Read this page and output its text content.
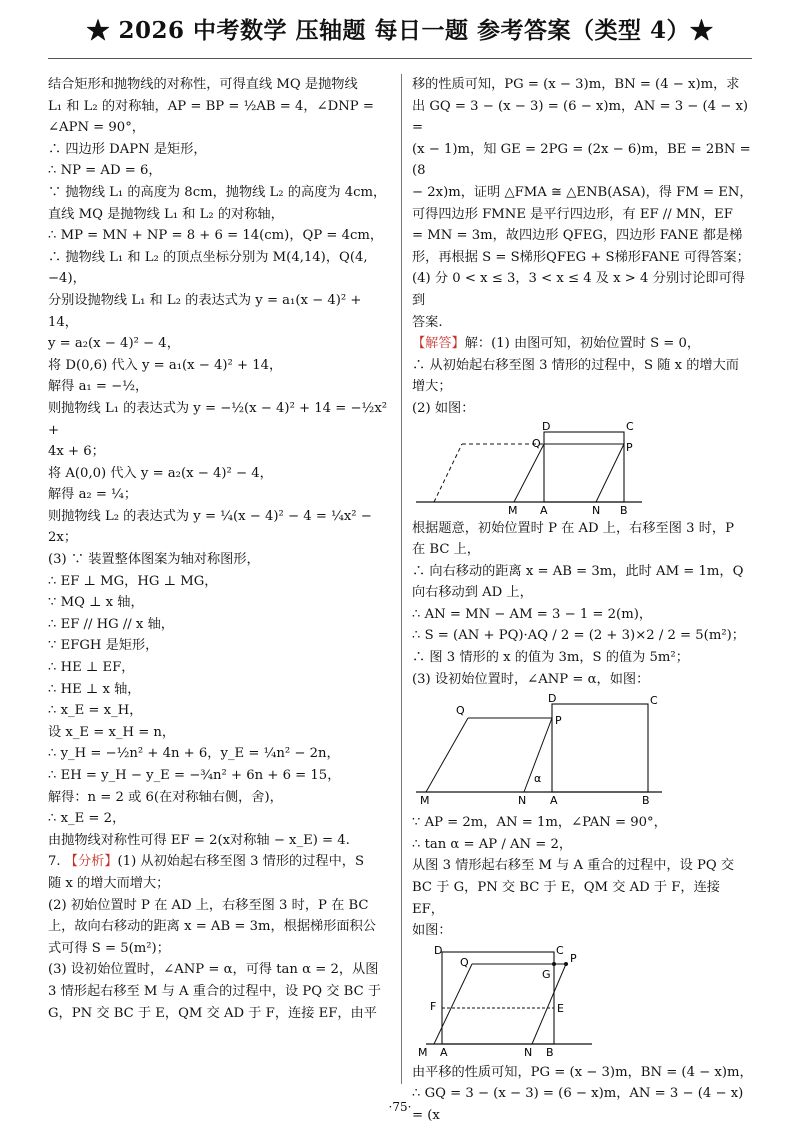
★ 2026 中考数学 压轴题 每日一题 参考答案（类型 4）★

结合矩形和抛物线的对称性，可得直线 MQ 是抛物线

L₁ 和 L₂ 的对称轴，AP = BP = ½AB = 4，∠DNP =

∠APN = 90°，

∴ 四边形 DAPN 是矩形，

∴ NP = AD = 6，

∵ 抛物线 L₁ 的高度为 8cm，抛物线 L₂ 的高度为 4cm，

直线 MQ 是抛物线 L₁ 和 L₂ 的对称轴，

∴ MP = MN + NP = 8 + 6 = 14(cm)，QP = 4cm，

∴ 抛物线 L₁ 和 L₂ 的顶点坐标分别为 M(4,14)，Q(4,

−4)，

分别设抛物线 L₁ 和 L₂ 的表达式为 y = a₁(x − 4)² + 14，

y = a₂(x − 4)² − 4，

将 D(0,6) 代入 y = a₁(x − 4)² + 14，

解得 a₁ = −½，

则抛物线 L₁ 的表达式为 y = −½(x − 4)² + 14 = −½x² +

4x + 6；

将 A(0,0) 代入 y = a₂(x − 4)² − 4，

解得 a₂ = ¼；

则抛物线 L₂ 的表达式为 y = ¼(x − 4)² − 4 = ¼x² − 2x；

(3) ∵ 装置整体图案为轴对称图形，

∴ EF ⊥ MG，HG ⊥ MG，

∵ MQ ⊥ x 轴，

∴ EF // HG // x 轴，

∵ EFGH 是矩形，

∴ HE ⊥ EF，

∴ HE ⊥ x 轴，

∴ x_E = x_H，

设 x_E = x_H = n，

∴ y_H = −½n² + 4n + 6，y_E = ¼n² − 2n，

∴ EH = y_H − y_E = −¾n² + 6n + 6 = 15，

解得：n = 2 或 6(在对称轴右侧，舍)，

∴ x_E = 2，

由抛物线对称性可得 EF = 2(x对称轴 − x_E) = 4.

7. 【分析】(1) 从初始起右移至图 3 情形的过程中，S

随 x 的增大而增大；

(2) 初始位置时 P 在 AD 上，右移至图 3 时，P 在 BC

上，故向右移动的距离 x = AB = 3m，根据梯形面积公

式可得 S = 5(m²)；

(3) 设初始位置时，∠ANP = α，可得 tan α = 2，从图

3 情形起右移至 M 与 A 重合的过程中，设 PQ 交 BC 于

G，PN 交 BC 于 E，QM 交 AD 于 F，连接 EF，由平

移的性质可知，PG = (x − 3)m，BN = (4 − x)m，求

出 GQ = 3 − (x − 3) = (6 − x)m，AN = 3 − (4 − x) =

(x − 1)m，知 GE = 2PG = (2x − 6)m，BE = 2BN = (8

− 2x)m，证明 △FMA ≅ △ENB(ASA)，得 FM = EN，

可得四边形 FMNE 是平行四边形，有 EF // MN，EF

= MN = 3m，故四边形 QFEG，四边形 FANE 都是梯

形，再根据 S = S梯形QFEG + S梯形FANE 可得答案；

(4) 分 0 < x ≤ 3，3 < x ≤ 4 及 x > 4 分别讨论即可得到

答案.

【解答】解：(1) 由图可知，初始位置时 S = 0，

∴ 从初始起右移至图 3 情形的过程中，S 随 x 的增大而

增大；

(2) 如图：

D	C
Q	P
M A	N B

根据题意，初始位置时 P 在 AD 上，右移至图 3 时，P

在 BC 上，

∴ 向右移动的距离 x = AB = 3m，此时 AM = 1m，Q

向右移动到 AD 上，

∴ AN = MN − AM = 3 − 1 = 2(m)，

∴ S = (AN + PQ)·AQ / 2 = (2 + 3)×2 / 2 = 5(m²)；

∴ 图 3 情形的 x 的值为 3m，S 的值为 5m²；

(3) 设初始位置时，∠ANP = α，如图：

Q
D	C
P
α
M	N A	B

∵ AP = 2m，AN = 1m，∠PAN = 90°，

∴ tan α = AP / AN = 2，

从图 3 情形起右移至 M 与 A 重合的过程中，设 PQ 交

BC 于 G，PN 交 BC 于 E，QM 交 AD 于 F，连接 EF，

如图：

D	C
Q
G
P
F	E
M A	N B

由平移的性质可知，PG = (x − 3)m，BN = (4 − x)m，

∴ GQ = 3 − (x − 3) = (6 − x)m，AN = 3 − (4 − x) = (x

·75·
